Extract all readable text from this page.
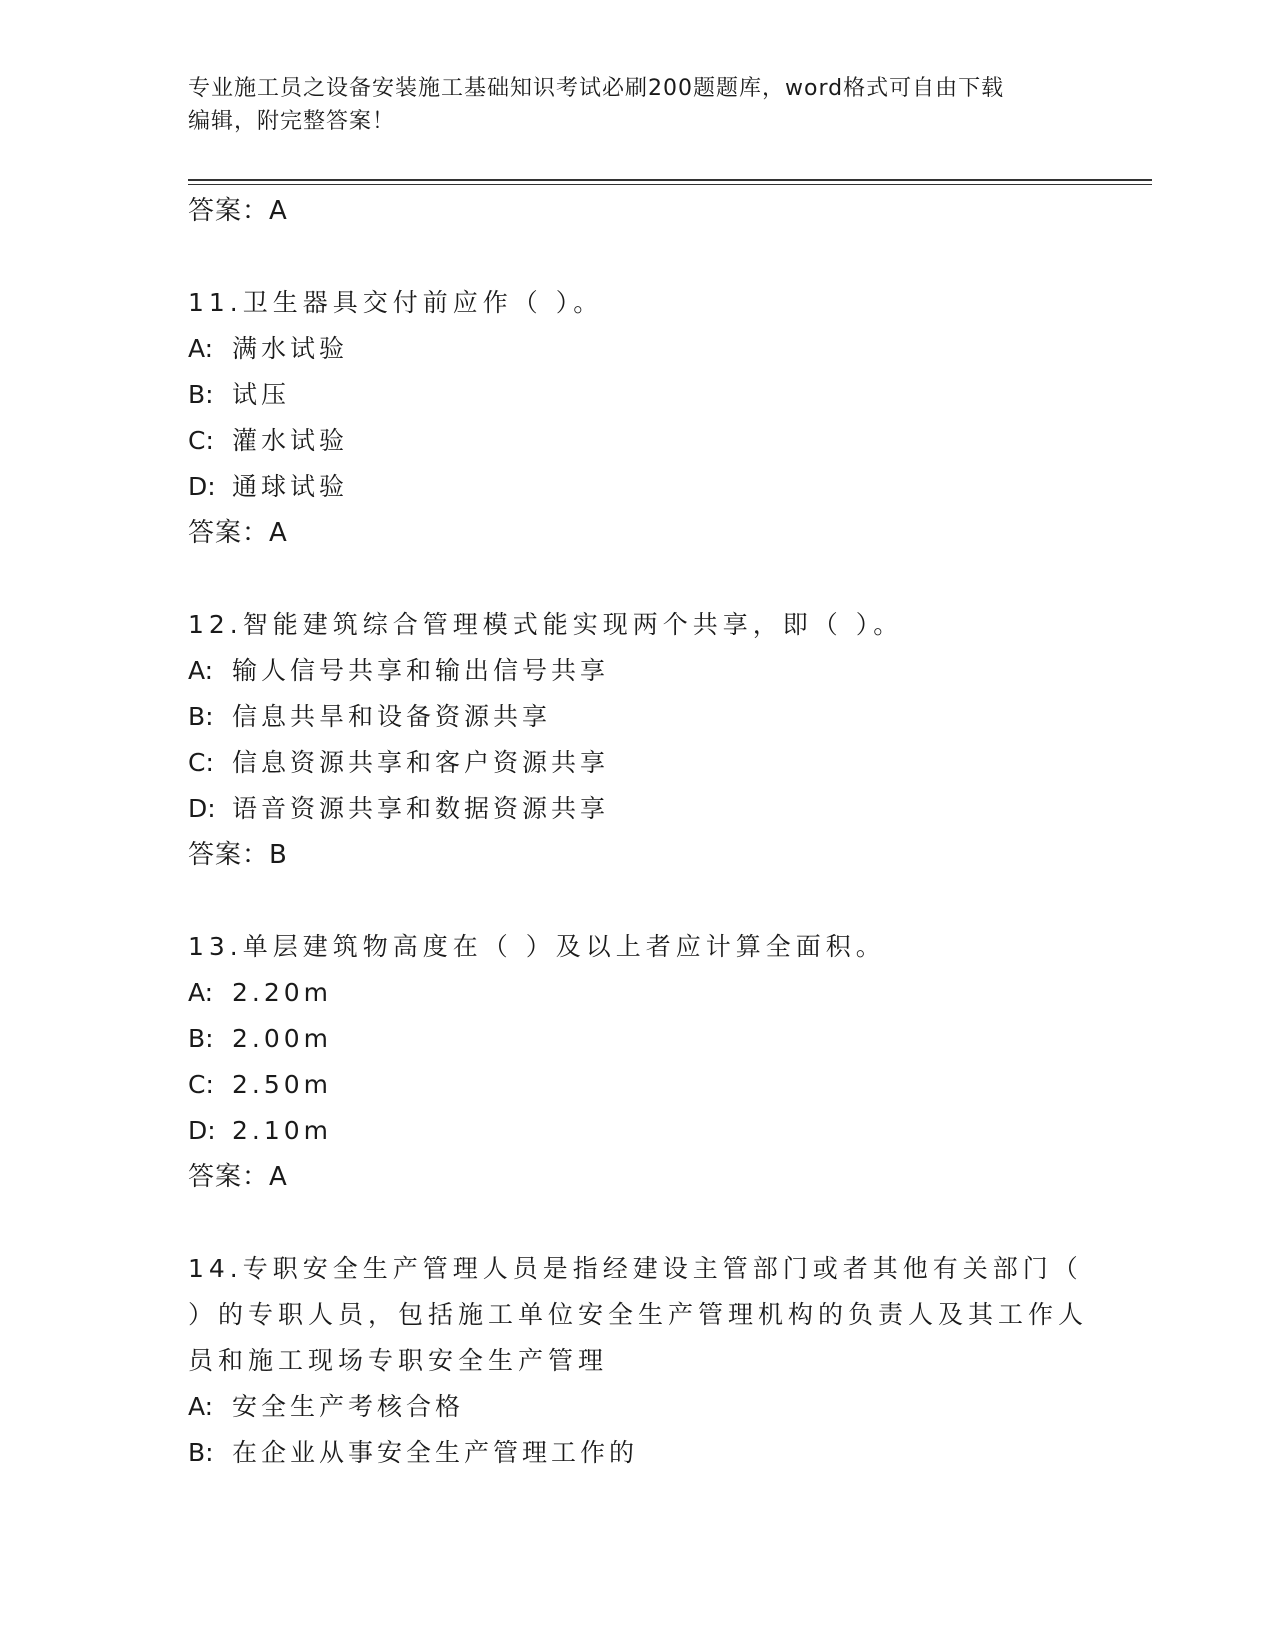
专业施工员之设备安装施工基础知识考试必刷200题题库，word格式可自由下载
编辑，附完整答案！
答案：A
11.卫生器具交付前应作（ ）。
A: 满水试验
B: 试压
C: 灌水试验
D: 通球试验
答案：A
12.智能建筑综合管理模式能实现两个共享，即（ ）。
A: 输人信号共享和输出信号共享
B: 信息共旱和设备资源共享
C: 信息资源共享和客户资源共享
D: 语音资源共享和数据资源共享
答案：B
13.单层建筑物高度在（ ）及以上者应计算全面积。
A: 2.20m
B: 2.00m
C: 2.50m
D: 2.10m
答案：A
14.专职安全生产管理人员是指经建设主管部门或者其他有关部门（
）的专职人员，包括施工单位安全生产管理机构的负责人及其工作人
员和施工现场专职安全生产管理
A: 安全生产考核合格
B: 在企业从事安全生产管理工作的
